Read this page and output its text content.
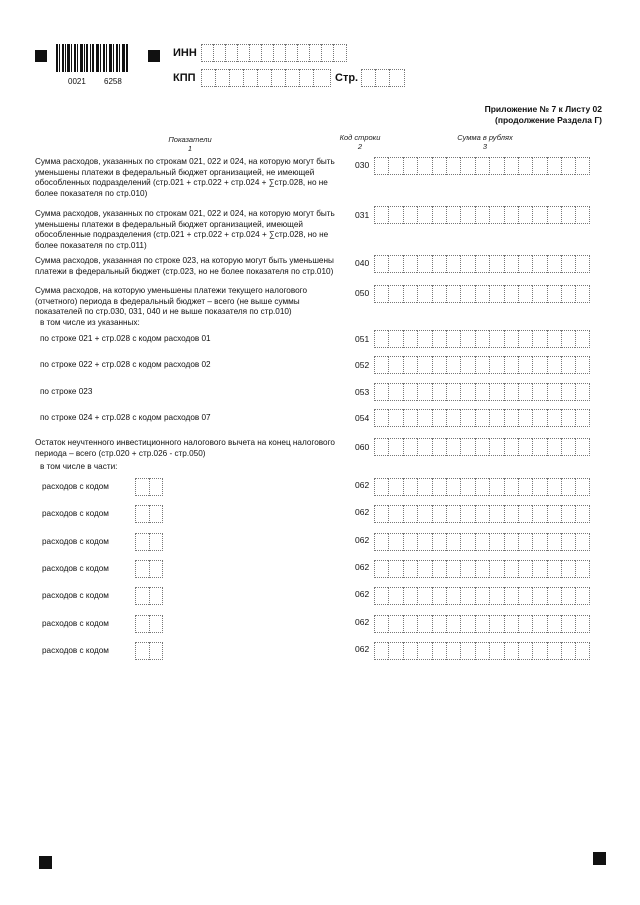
0021 6258
ИНН
КПП	Стр.
Приложение № 7 к Листу 02
(продолжение Раздела Г)
Показатели
1
Код строки
2
Сумма в рублях
3
Сумма расходов, указанных по строкам 021, 022 и 024, на которую могут быть уменьшены платежи в федеральный бюджет организацией, не имеющей обособленных подразделений (стр.021 + стр.022 + стр.024 + ∑стр.028, но не более показателя по стр.010)
030
Сумма расходов, указанных по строкам 021, 022 и 024, на которую могут быть уменьшены платежи в федеральный бюджет организацией, имеющей обособленные подразделения (стр.021 + стр.022 + стр.024 + ∑стр.028, но не более показателя по стр.011)
031
Сумма расходов, указанная по строке 023, на которую могут быть уменьшены платежи в федеральный бюджет (стр.023, но не более показателя по стр.010)
040
Сумма расходов, на которую уменьшены платежи текущего налогового (отчетного) периода в федеральный бюджет – всего (не выше суммы показателей по стр.030, 031, 040 и не выше показателя по стр.010)
050
в том числе из указанных:
по строке 021 + стр.028 с кодом расходов 01	051
по строке 022 + стр.028 с кодом расходов 02	052
по строке 023	053
по строке 024 + стр.028 с кодом расходов 07	054
Остаток неучтенного инвестиционного налогового вычета на конец налогового периода – всего (стр.020 + стр.026 - стр.050)
060
в том числе в части:
расходов с кодом	062
расходов с кодом	062
расходов с кодом	062
расходов с кодом	062
расходов с кодом	062
расходов с кодом	062
расходов с кодом	062
